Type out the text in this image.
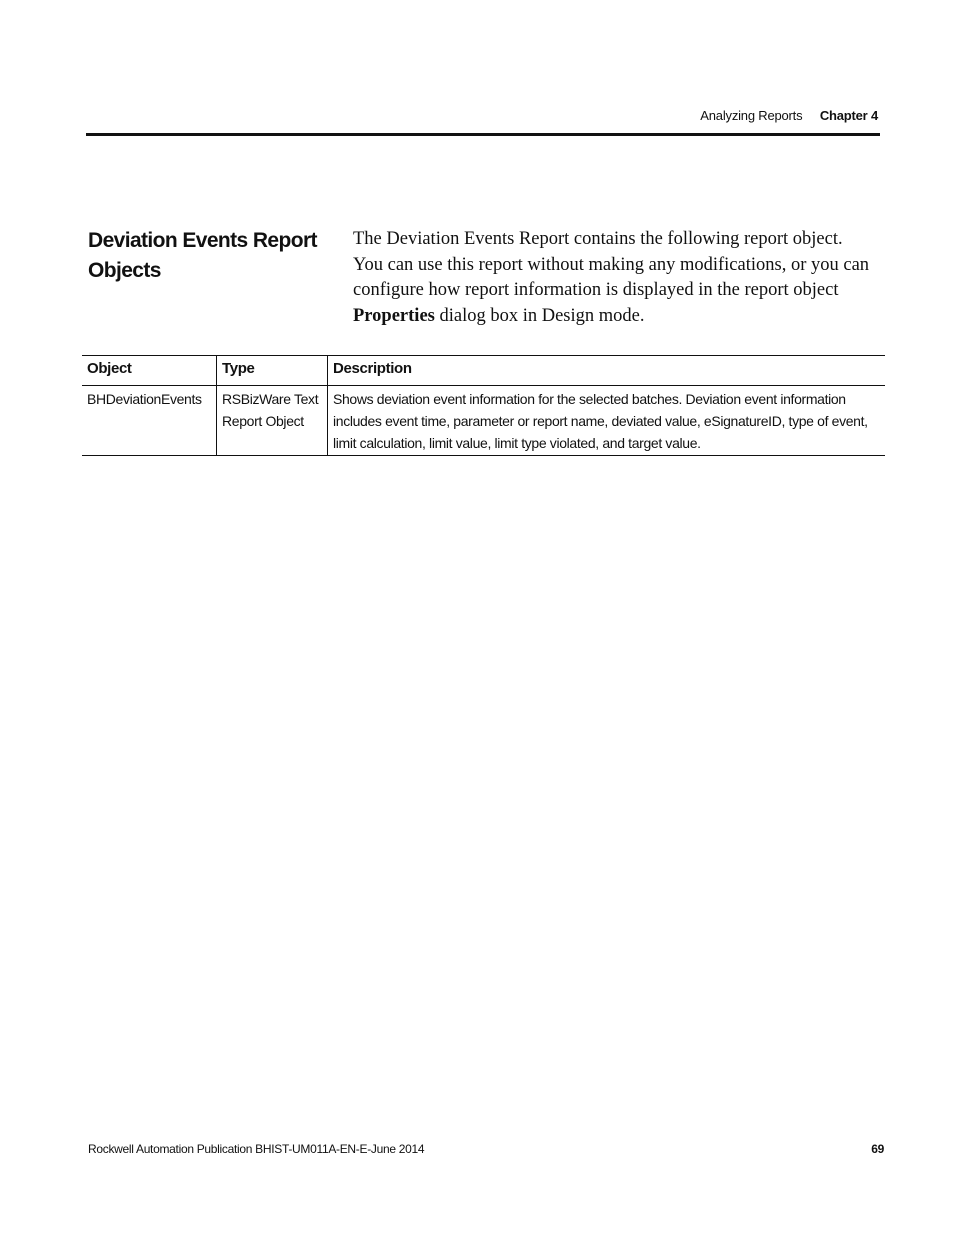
Analyzing Reports Chapter 4
Deviation Events Report Objects

The Deviation Events Report contains the following report object. You can use this report without making any modifications, or you can configure how report information is displayed in the report object Properties dialog box in Design mode.

Object	Type	Description
BHDeviationEvents	RSBizWare Text Report Object	Shows deviation event information for the selected batches. Deviation event information includes event time, parameter or report name, deviated value, eSignatureID, type of event, limit calculation, limit value, limit type violated, and target value.
Rockwell Automation Publication BHIST-UM011A-EN-E-June 2014	69
